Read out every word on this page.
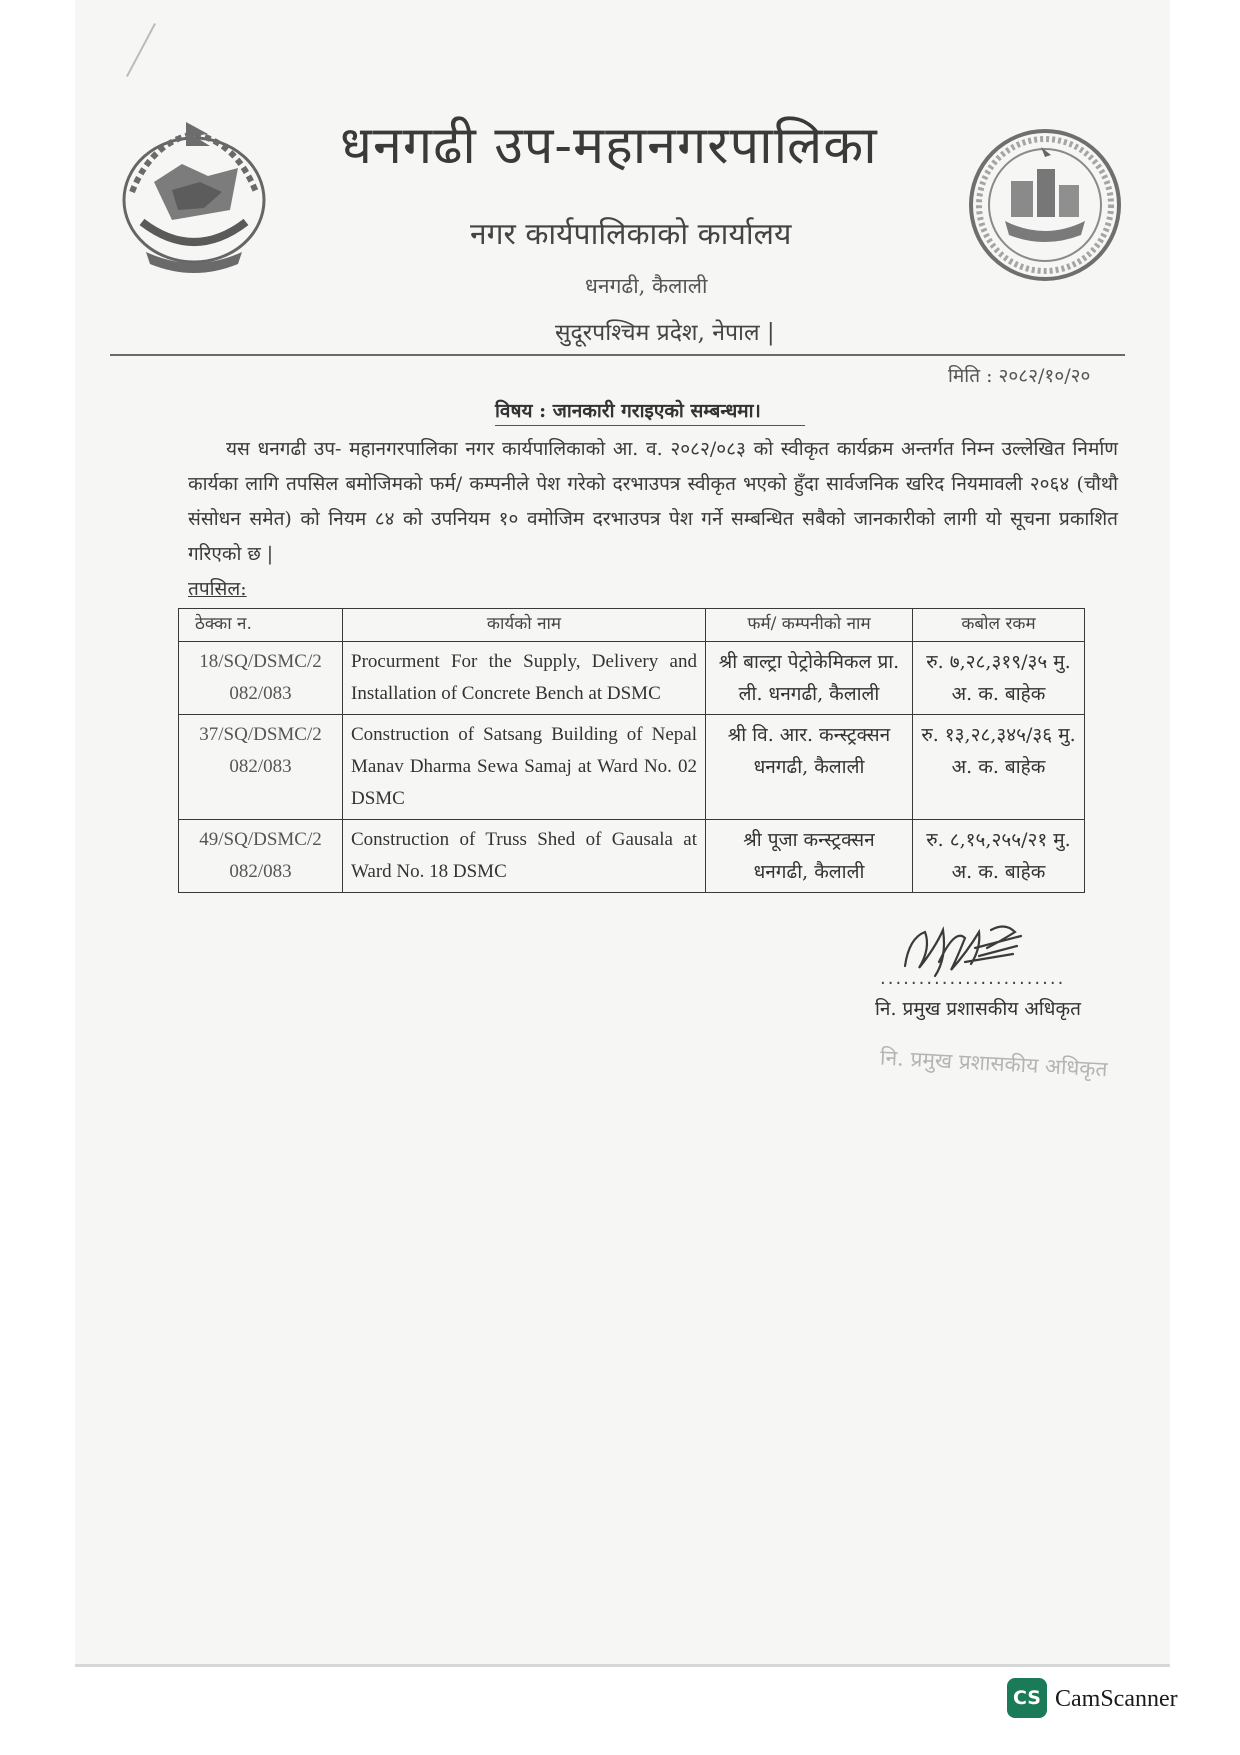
धनगढी उप-महानगरपालिका
नगर कार्यपालिकाको कार्यालय
धनगढी, कैलाली
सुदूरपश्चिम प्रदेश, नेपाल |
मिति : २०८२/१०/२०
विषय : जानकारी गराइएको सम्बन्धमा।
यस धनगढी उप- महानगरपालिका नगर कार्यपालिकाको आ. व. २०८२/०८३ को स्वीकृत कार्यक्रम अन्तर्गत निम्न उल्लेखित निर्माण कार्यका लागि तपसिल बमोजिमको फर्म/ कम्पनीले पेश गरेको दरभाउपत्र स्वीकृत भएको हुँदा सार्वजनिक खरिद नियमावली २०६४ (चौथौ संसोधन समेत) को नियम ८४ को उपनियम १० वमोजिम दरभाउपत्र पेश गर्ने सम्बन्धित सबैको जानकारीको लागी यो सूचना प्रकाशित गरिएको छ |
तपसिल:
ठेक्का न.	कार्यको नाम	फर्म/ कम्पनीको नाम	कबोल रकम
18/SQ/DSMC/2 082/083	Procurment For the Supply, Delivery and Installation of Concrete Bench at DSMC	श्री बाल्ट्रा पेट्रोकेमिकल प्रा. ली. धनगढी, कैलाली	रु. ७,२८,३१९/३५ मु. अ. क. बाहेक
37/SQ/DSMC/2 082/083	Construction of Satsang Building of Nepal Manav Dharma Sewa Samaj at Ward No. 02 DSMC	श्री वि. आर. कन्स्ट्रक्सन धनगढी, कैलाली	रु. १३,२८,३४५/३६ मु. अ. क. बाहेक
49/SQ/DSMC/2 082/083	Construction of Truss Shed of Gausala at Ward No. 18 DSMC	श्री पूजा कन्स्ट्रक्सन धनगढी, कैलाली	रु. ८,१५,२५५/२१ मु. अ. क. बाहेक
........................
नि. प्रमुख प्रशासकीय अधिकृत
नि. प्रमुख प्रशासकीय अधिकृत
CS CamScanner
